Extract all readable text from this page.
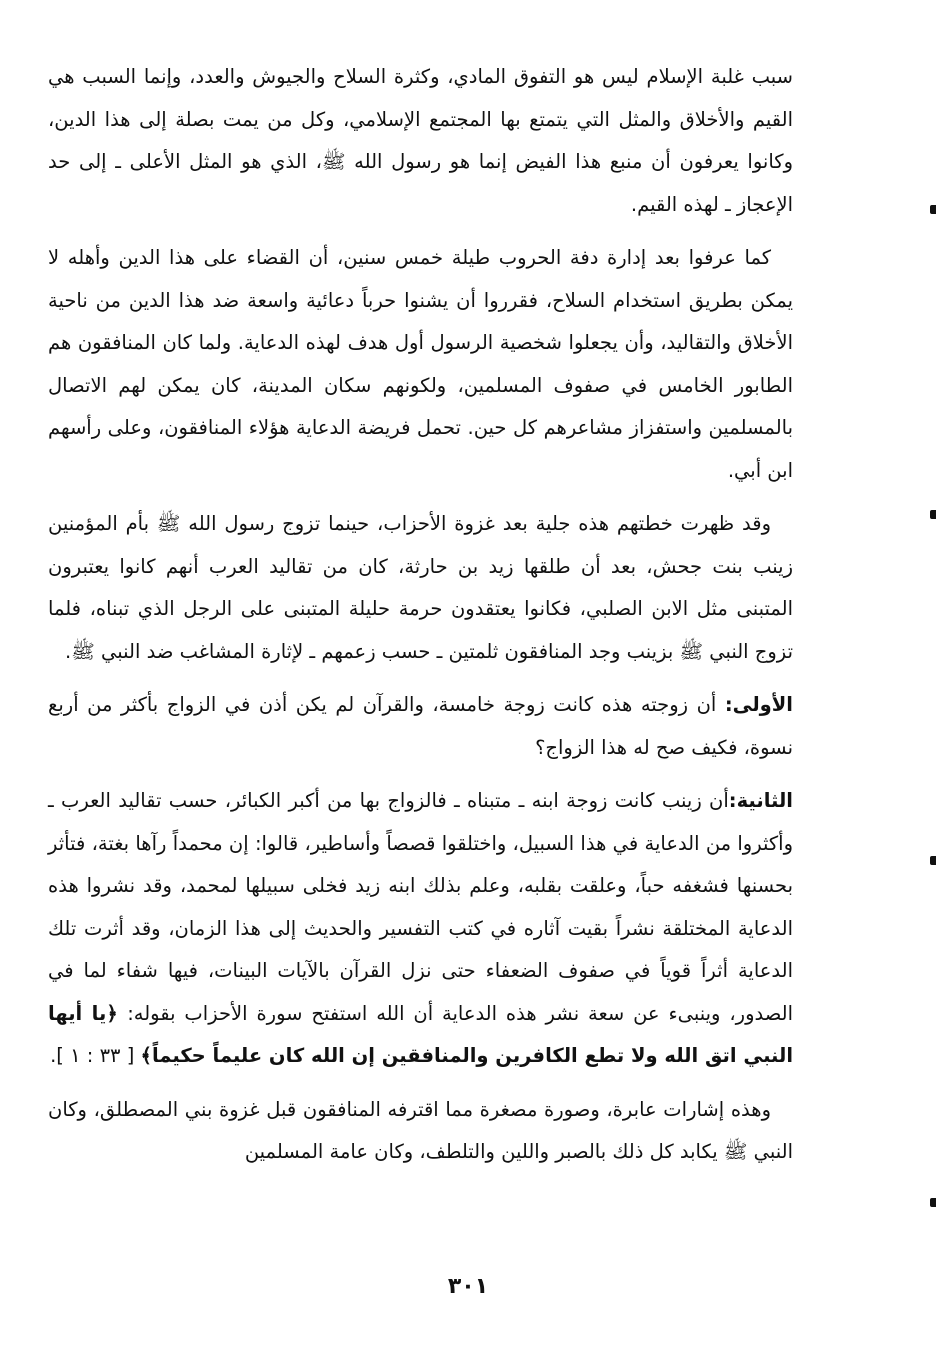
سبب غلبة الإسلام ليس هو التفوق المادي، وكثرة السلاح والجيوش والعدد، وإنما السبب هي القيم والأخلاق والمثل التي يتمتع بها المجتمع الإسلامي، وكل من يمت بصلة إلى هذا الدين، وكانوا يعرفون أن منبع هذا الفيض إنما هو رسول الله ﷺ، الذي هو المثل الأعلى ـ إلى حد الإعجاز ـ لهذه القيم.

كما عرفوا بعد إدارة دفة الحروب طيلة خمس سنين، أن القضاء على هذا الدين وأهله لا يمكن بطريق استخدام السلاح، فقرروا أن يشنوا حرباً دعائية واسعة ضد هذا الدين من ناحية الأخلاق والتقاليد، وأن يجعلوا شخصية الرسول أول هدف لهذه الدعاية. ولما كان المنافقون هم الطابور الخامس في صفوف المسلمين، ولكونهم سكان المدينة، كان يمكن لهم الاتصال بالمسلمين واستفزاز مشاعرهم كل حين. تحمل فريضة الدعاية هؤلاء المنافقون، وعلى رأسهم ابن أبي.

وقد ظهرت خطتهم هذه جلية بعد غزوة الأحزاب، حينما تزوج رسول الله ﷺ بأم المؤمنين زينب بنت جحش، بعد أن طلقها زيد بن حارثة، كان من تقاليد العرب أنهم كانوا يعتبرون المتبنى مثل الابن الصلبي، فكانوا يعتقدون حرمة حليلة المتبنى على الرجل الذي تبناه، فلما تزوج النبي ﷺ بزينب وجد المنافقون ثلمتين ـ حسب زعمهم ـ لإثارة المشاغب ضد النبي ﷺ.

الأولى: أن زوجته هذه كانت زوجة خامسة، والقرآن لم يكن أذن في الزواج بأكثر من أربع نسوة، فكيف صح له هذا الزواج؟

الثانية:أن زينب كانت زوجة ابنه ـ متبناه ـ فالزواج بها من أكبر الكبائر، حسب تقاليد العرب ـ وأكثروا من الدعاية في هذا السبيل، واختلقوا قصصاً وأساطير، قالوا: إن محمداً رآها بغتة، فتأثر بحسنها فشغفه حباً، وعلقت بقلبه، وعلم بذلك ابنه زيد فخلى سبيلها لمحمد، وقد نشروا هذه الدعاية المختلقة نشراً بقيت آثاره في كتب التفسير والحديث إلى هذا الزمان، وقد أثرت تلك الدعاية أثراً قوياً في صفوف الضعفاء حتى نزل القرآن بالآيات البينات، فيها شفاء لما في الصدور، وينبىء عن سعة نشر هذه الدعاية أن الله استفتح سورة الأحزاب بقوله: ﴿يا أيها النبي اتق الله ولا تطع الكافرين والمنافقين إن الله كان عليماً حكيماً﴾ [ ٣٣ : ١ ].

وهذه إشارات عابرة، وصورة مصغرة مما اقترفه المنافقون قبل غزوة بني المصطلق، وكان النبي ﷺ يكابد كل ذلك بالصبر واللين والتلطف، وكان عامة المسلمين

٣٠١
